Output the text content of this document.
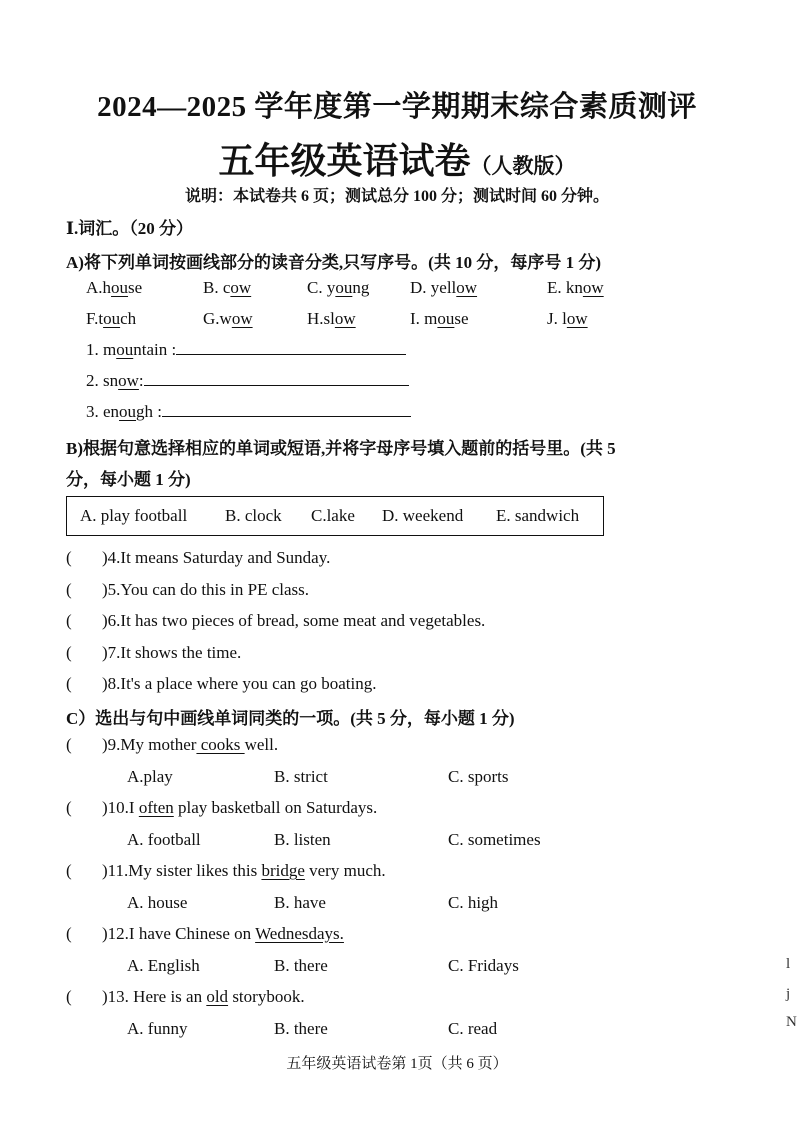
2024—2025 学年度第一学期期末综合素质测评
五年级英语试卷（人教版）
说明：本试卷共 6 页；测试总分 100 分；测试时间 60 分钟。
Ⅰ.词汇。（20 分）
A)将下列单词按画线部分的读音分类,只写序号。(共 10 分，每序号 1 分)
A.house	B. cow	C. young D. yellow	E. know
F.touch	G.wow	H.slow	I. mouse	J. low
1. mountain :
2. snow:
3. enough :
B)根据句意选择相应的单词或短语,并将字母序号填入题前的括号里。(共 5
分，每小题 1 分)
A. play football B. clock C.lake D. weekend E. sandwich
( )4.It means Saturday and Sunday.
( )5.You can do this in PE class.
( )6.It has two pieces of bread, some meat and vegetables.
( )7.It shows the time.
( )8.It's a place where you can go boating.
C）选出与句中画线单词同类的一项。(共 5 分，每小题 1 分)
( )9.My mother cooks well.
A.play	B. strict	C. sports
( )10.I often play basketball on Saturdays.
A. football	B. listen	C. sometimes
( )11.My sister likes this bridge very much.
A. house	B. have	C. high
( )12.I have Chinese on Wednesdays.
A. English	B. there	C. Fridays
( )13. Here is an old storybook.
A. funny	B. there	C. read
五年级英语试卷第 1页（共 6 页）
l
j
N
